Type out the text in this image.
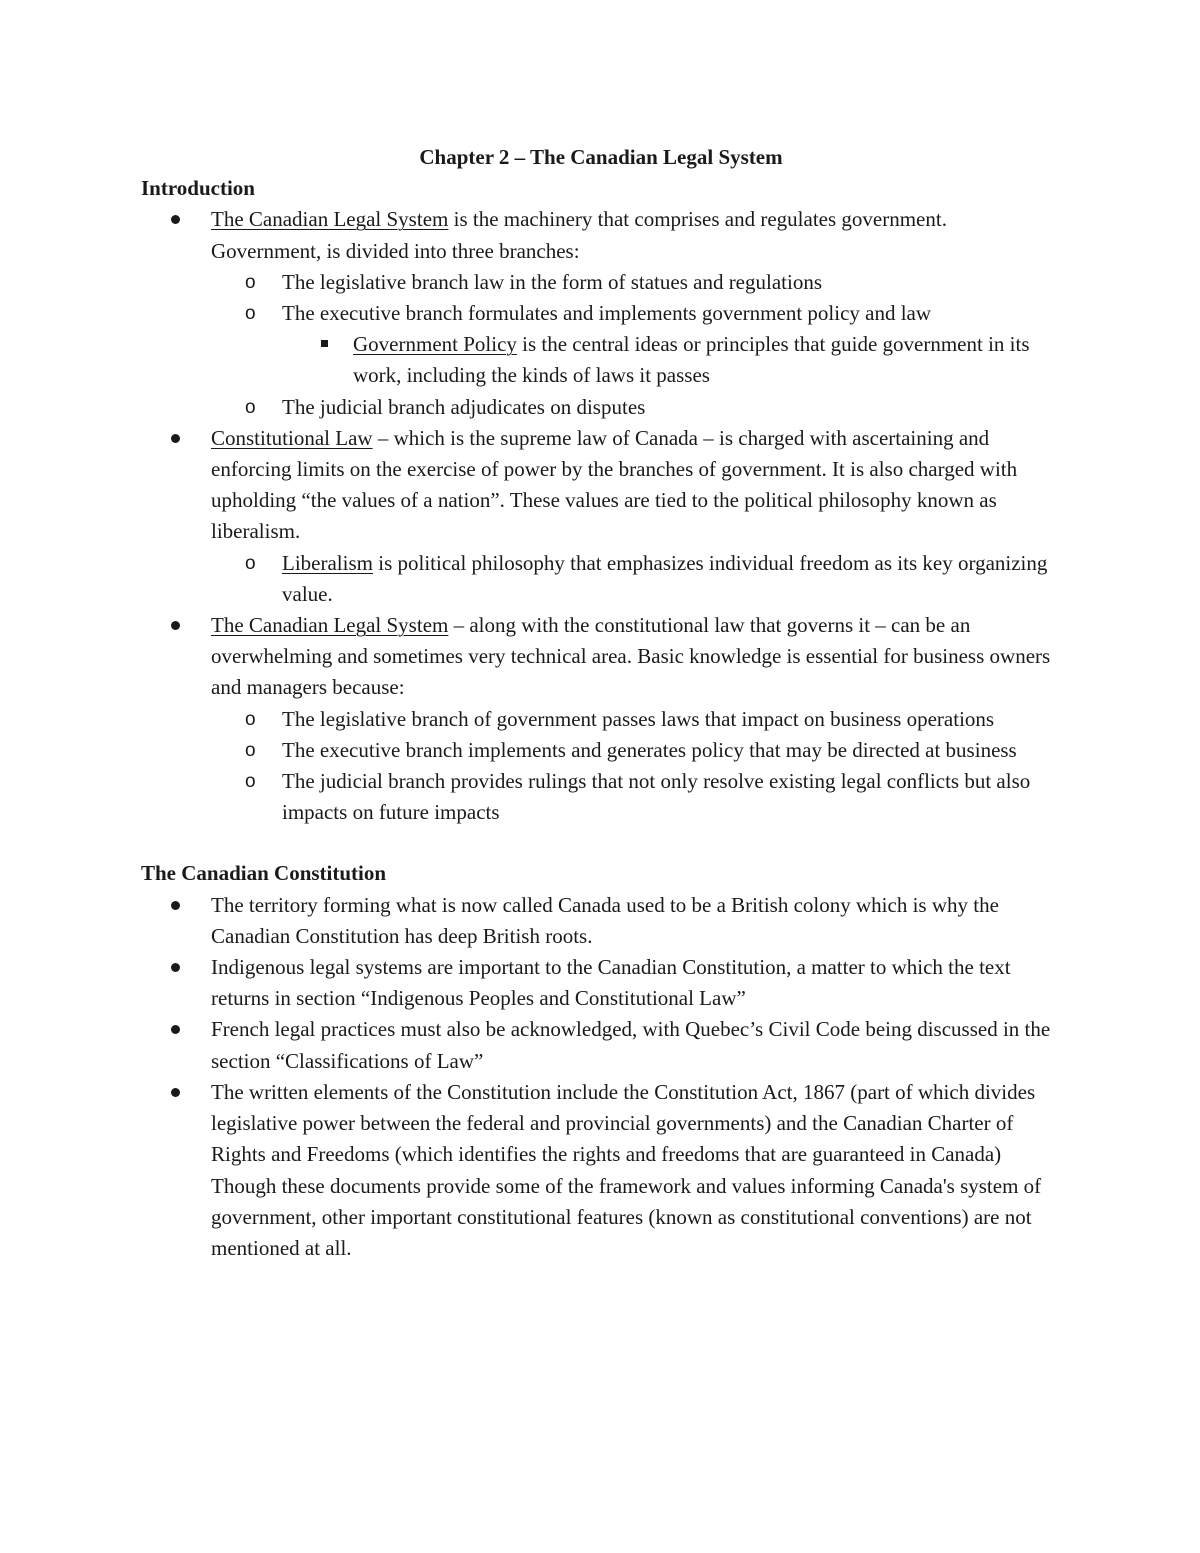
Chapter 2 – The Canadian Legal System

Introduction
The Canadian Legal System is the machinery that comprises and regulates government. Government, is divided into three branches:
o The legislative branch law in the form of statues and regulations
o The executive branch formulates and implements government policy and law
Government Policy is the central ideas or principles that guide government in its work, including the kinds of laws it passes
o The judicial branch adjudicates on disputes
Constitutional Law – which is the supreme law of Canada – is charged with ascertaining and enforcing limits on the exercise of power by the branches of government. It is also charged with upholding “the values of a nation”. These values are tied to the political philosophy known as liberalism.
o Liberalism is political philosophy that emphasizes individual freedom as its key organizing value.
The Canadian Legal System – along with the constitutional law that governs it – can be an overwhelming and sometimes very technical area. Basic knowledge is essential for business owners and managers because:
o The legislative branch of government passes laws that impact on business operations
o The executive branch implements and generates policy that may be directed at business
o The judicial branch provides rulings that not only resolve existing legal conflicts but also impacts on future impacts
The Canadian Constitution
The territory forming what is now called Canada used to be a British colony which is why the Canadian Constitution has deep British roots.
Indigenous legal systems are important to the Canadian Constitution, a matter to which the text returns in section “Indigenous Peoples and Constitutional Law”
French legal practices must also be acknowledged, with Quebec’s Civil Code being discussed in the section “Classifications of Law”
The written elements of the Constitution include the Constitution Act, 1867 (part of which divides legislative power between the federal and provincial governments) and the Canadian Charter of Rights and Freedoms (which identifies the rights and freedoms that are guaranteed in Canada) Though these documents provide some of the framework and values informing Canada's system of government, other important constitutional features (known as constitutional conventions) are not mentioned at all.
